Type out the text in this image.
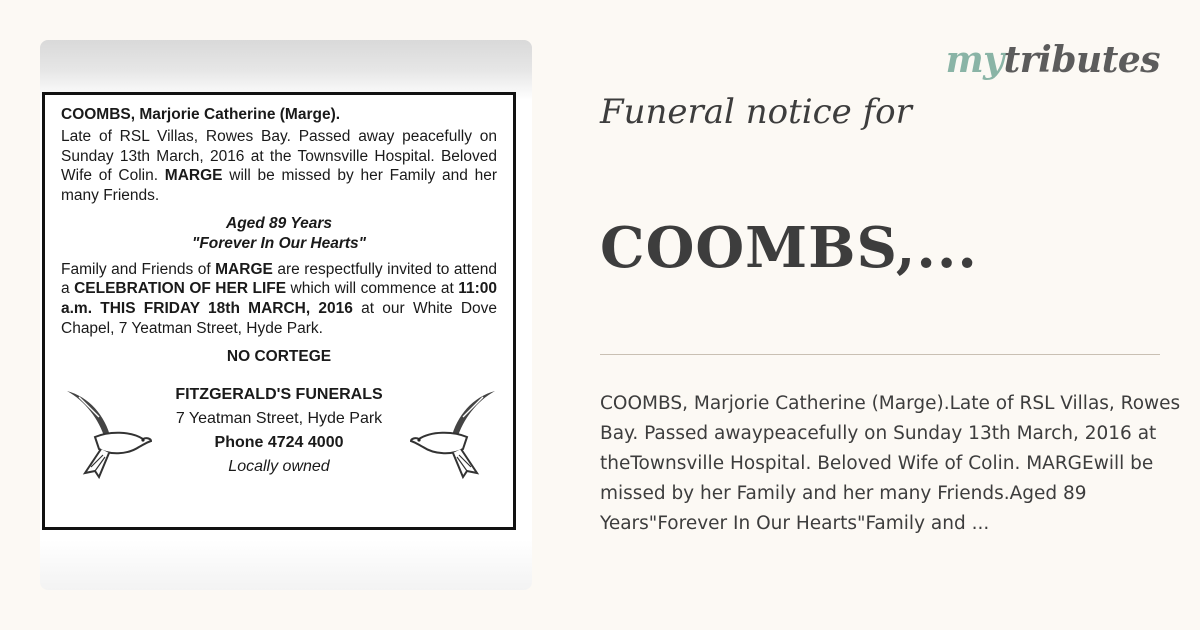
COOMBS, Marjorie Catherine (Marge).

Late of RSL Villas, Rowes Bay. Passed away peacefully on Sunday 13th March, 2016 at the Townsville Hospital. Beloved Wife of Colin. MARGE will be missed by her Family and her many Friends.

Aged 89 Years

"Forever In Our Hearts"

Family and Friends of MARGE are respectfully invited to attend a CELEBRATION OF HER LIFE which will commence at 11:00 a.m. THIS FRIDAY 18th MARCH, 2016 at our White Dove Chapel, 7 Yeatman Street, Hyde Park.

NO CORTEGE

FITZGERALD'S FUNERALS
7 Yeatman Street, Hyde Park
Phone 4724 4000
Locally owned
mytributes
Funeral notice for
COOMBS,...
COOMBS, Marjorie Catherine (Marge).Late of RSL Villas, Rowes Bay. Passed awaypeacefully on Sunday 13th March, 2016 at theTownsville Hospital. Beloved Wife of Colin. MARGEwill be missed by her Family and her many Friends.Aged 89 Years"Forever In Our Hearts"Family and ...
